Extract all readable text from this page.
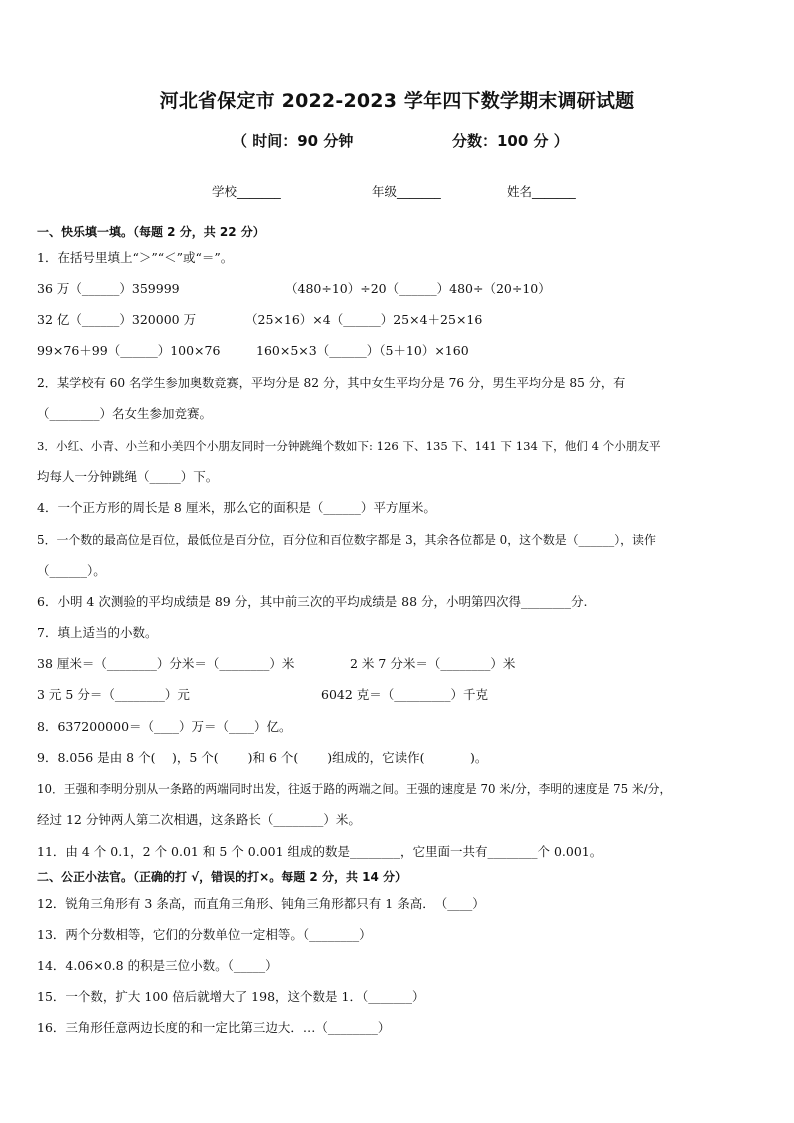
河北省保定市 2022-2023 学年四下数学期末调研试题
（ 时间：90 分钟	分数：100 分 ）
学校_______	年级_______	姓名_______
一、快乐填一填。（每题 2 分，共 22 分）
1．在括号里填上“＞”“＜”或“＝”。
36 万（______）359999	（480÷10）÷20（______）480÷（20÷10）
32 亿（______）320000 万	（25×16）×4（______）25×4＋25×16
99×76＋99（______）100×76	160×5×3（______）（5＋10）×160
2．某学校有 60 名学生参加奥数竞赛，平均分是 82 分，其中女生平均分是 76 分，男生平均分是 85 分，有
（________）名女生参加竞赛。
3．小红、小青、小兰和小美四个小朋友同时一分钟跳绳个数如下: 126 下、135 下、141 下 134 下，他们 4 个小朋友平
均每人一分钟跳绳（_____）下。
4．一个正方形的周长是 8 厘米，那么它的面积是（______）平方厘米。
5．一个数的最高位是百位，最低位是百分位，百分位和百位数字都是 3，其余各位都是 0，这个数是（______），读作
（______）。
6．小明 4 次测验的平均成绩是 89 分，其中前三次的平均成绩是 88 分，小明第四次得________分.
7．填上适当的小数。
38 厘米＝（________）分米＝（________）米	2 米 7 分米＝（________）米
3 元 5 分＝（________）元	6042 克＝（_________）千克
8．637200000＝（____）万＝（____）亿。
9．8.056 是由 8 个(　 )，5 个(　 　)和 6 个(　 　)组成的，它读作(　 　 　)。
10．王强和李明分别从一条路的两端同时出发，往返于路的两端之间。王强的速度是 70 米/分，李明的速度是 75 米/分，
经过 12 分钟两人第二次相遇，这条路长（________）米。
11．由 4 个 0.1，2 个 0.01 和 5 个 0.001 组成的数是________，它里面一共有________个 0.001。
二、公正小法官。（正确的打 √，错误的打×。每题 2 分，共 14 分）
12．锐角三角形有 3 条高，而直角三角形、钝角三角形都只有 1 条高．　（____）
13．两个分数相等，它们的分数单位一定相等。（________）
14．4.06×0.8 的积是三位小数。（_____）
15．一个数，扩大 100 倍后就增大了 198，这个数是 1．（_______）
16．三角形任意两边长度的和一定比第三边大．…（________）
